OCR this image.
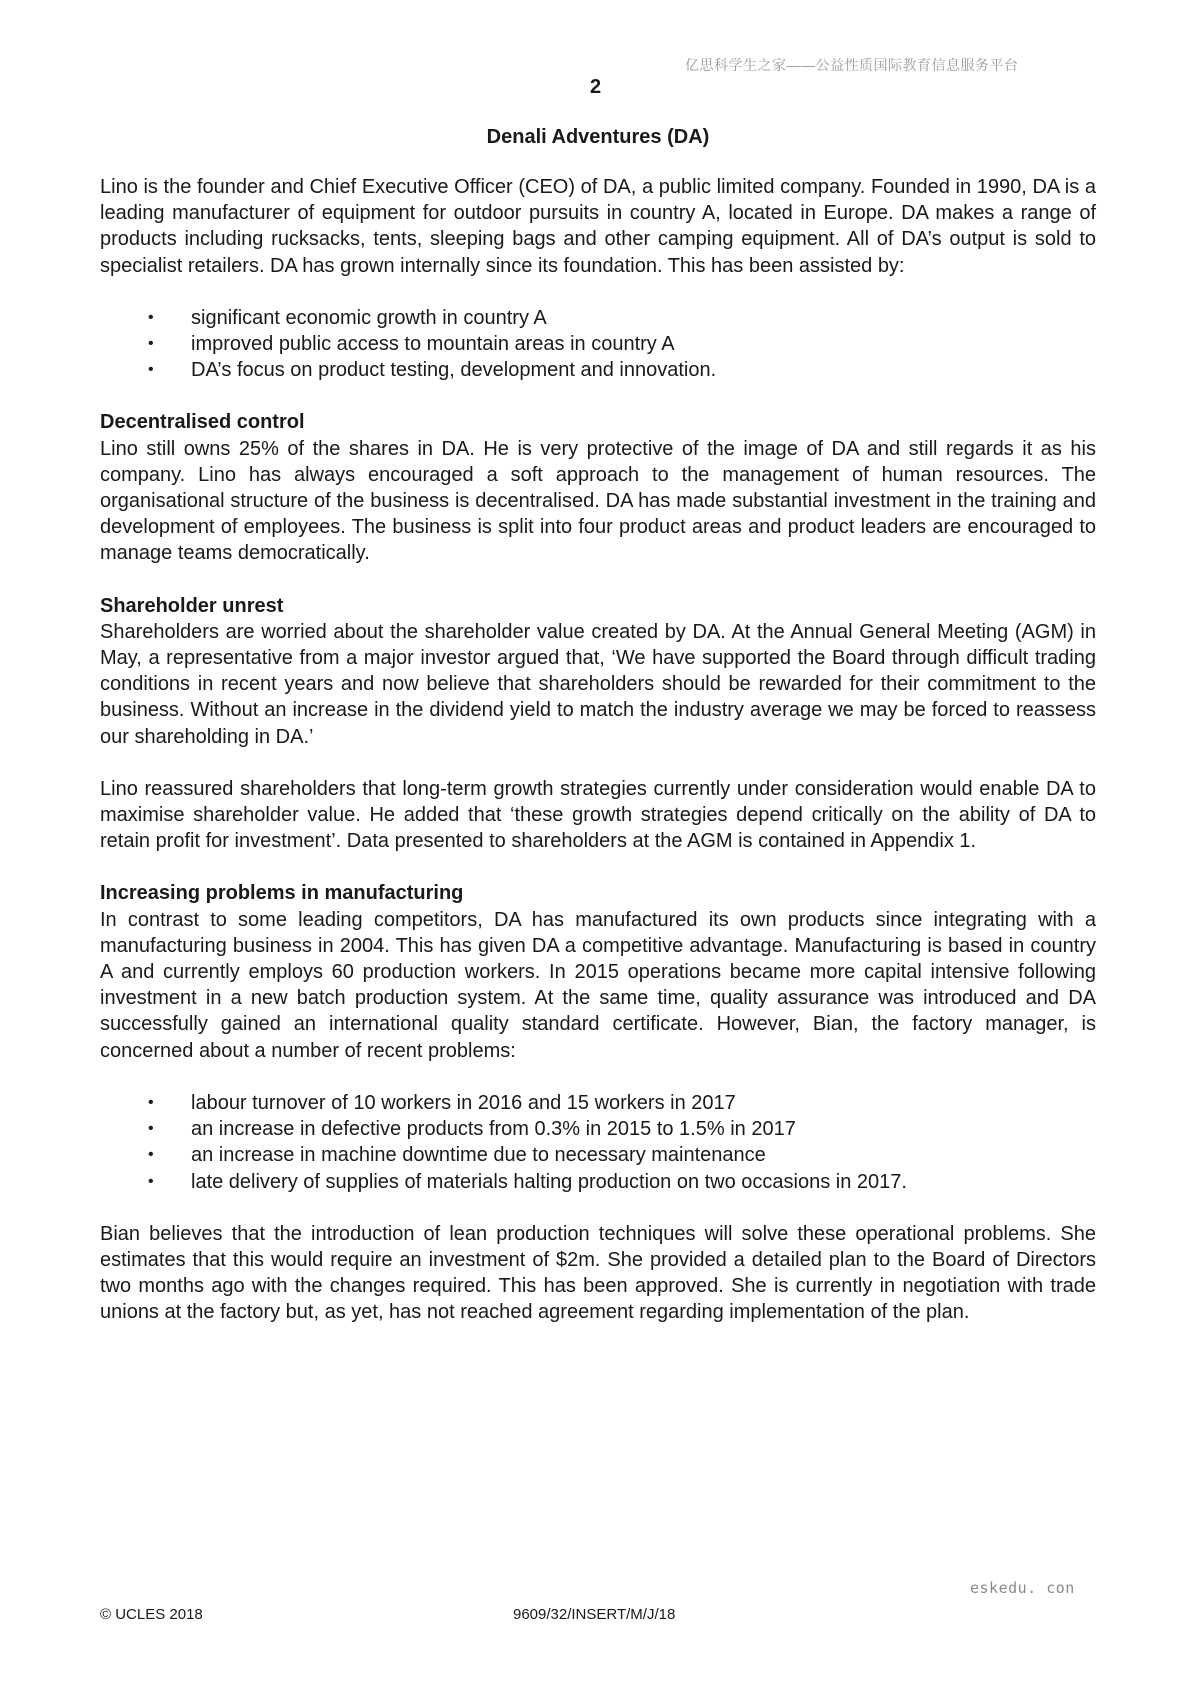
亿思科学生之家——公益性质国际教育信息服务平台
2
Denali Adventures (DA)

Lino is the founder and Chief Executive Officer (CEO) of DA, a public limited company. Founded in 1990, DA is a leading manufacturer of equipment for outdoor pursuits in country A, located in Europe. DA makes a range of products including rucksacks, tents, sleeping bags and other camping equipment. All of DA’s output is sold to specialist retailers. DA has grown internally since its foundation. This has been assisted by:

• significant economic growth in country A
• improved public access to mountain areas in country A
• DA’s focus on product testing, development and innovation.
Decentralised control

Lino still owns 25% of the shares in DA. He is very protective of the image of DA and still regards it as his company. Lino has always encouraged a soft approach to the management of human resources. The organisational structure of the business is decentralised. DA has made substantial investment in the training and development of employees. The business is split into four product areas and product leaders are encouraged to manage teams democratically.

Shareholder unrest

Shareholders are worried about the shareholder value created by DA. At the Annual General Meeting (AGM) in May, a representative from a major investor argued that, ‘We have supported the Board through difficult trading conditions in recent years and now believe that shareholders should be rewarded for their commitment to the business. Without an increase in the dividend yield to match the industry average we may be forced to reassess our shareholding in DA.’

Lino reassured shareholders that long-term growth strategies currently under consideration would enable DA to maximise shareholder value. He added that ‘these growth strategies depend critically on the ability of DA to retain profit for investment’. Data presented to shareholders at the AGM is contained in Appendix 1.

Increasing problems in manufacturing

In contrast to some leading competitors, DA has manufactured its own products since integrating with a manufacturing business in 2004. This has given DA a competitive advantage. Manufacturing is based in country A and currently employs 60 production workers. In 2015 operations became more capital intensive following investment in a new batch production system. At the same time, quality assurance was introduced and DA successfully gained an international quality standard certificate. However, Bian, the factory manager, is concerned about a number of recent problems:

• labour turnover of 10 workers in 2016 and 15 workers in 2017
• an increase in defective products from 0.3% in 2015 to 1.5% in 2017
• an increase in machine downtime due to necessary maintenance
• late delivery of supplies of materials halting production on two occasions in 2017.

Bian believes that the introduction of lean production techniques will solve these operational problems. She estimates that this would require an investment of $2m. She provided a detailed plan to the Board of Directors two months ago with the changes required. This has been approved. She is currently in negotiation with trade unions at the factory but, as yet, has not reached agreement regarding implementation of the plan.

eskedu. con
© UCLES 2018	9609/32/INSERT/M/J/18
